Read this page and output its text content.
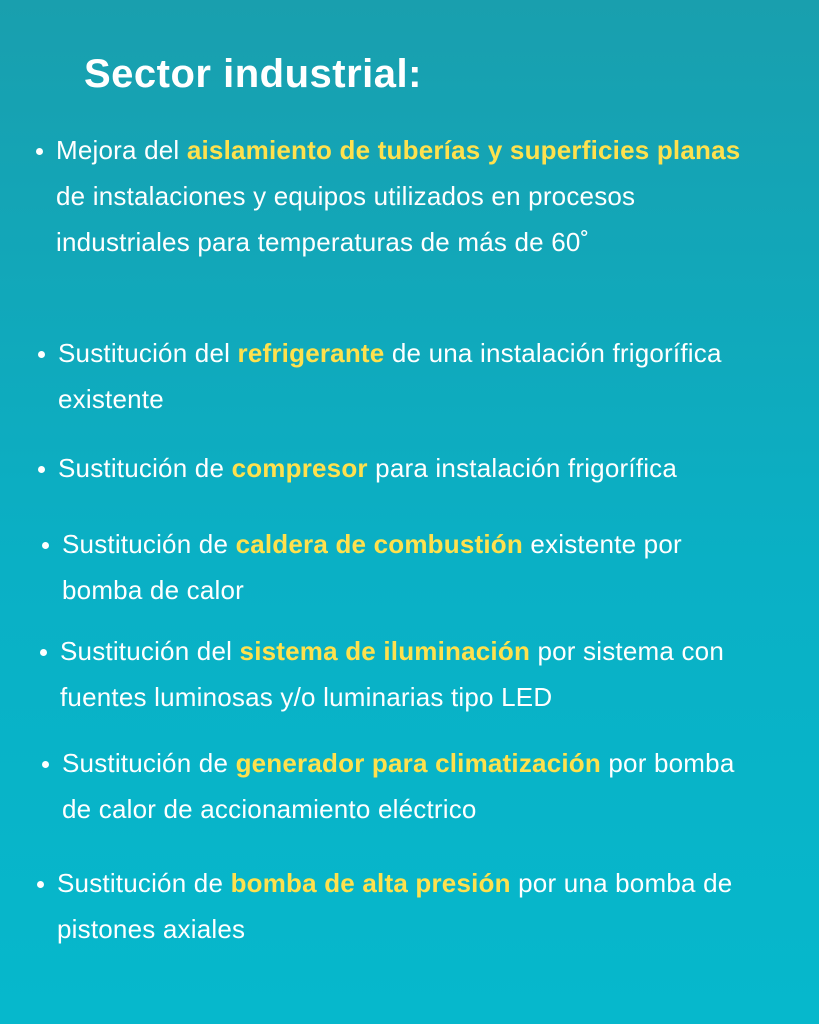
Sector industrial:
Mejora del aislamiento de tuberías y superficies planas de instalaciones y equipos utilizados en procesos industriales para temperaturas de más de 60˚
Sustitución del refrigerante de una instalación frigorífica existente
Sustitución de compresor para instalación frigorífica
Sustitución de caldera de combustión existente por bomba de calor
Sustitución del sistema de iluminación por sistema con fuentes luminosas y/o luminarias tipo LED
Sustitución de generador para climatización por bomba de calor de accionamiento eléctrico
Sustitución de bomba de alta presión por una bomba de pistones axiales
